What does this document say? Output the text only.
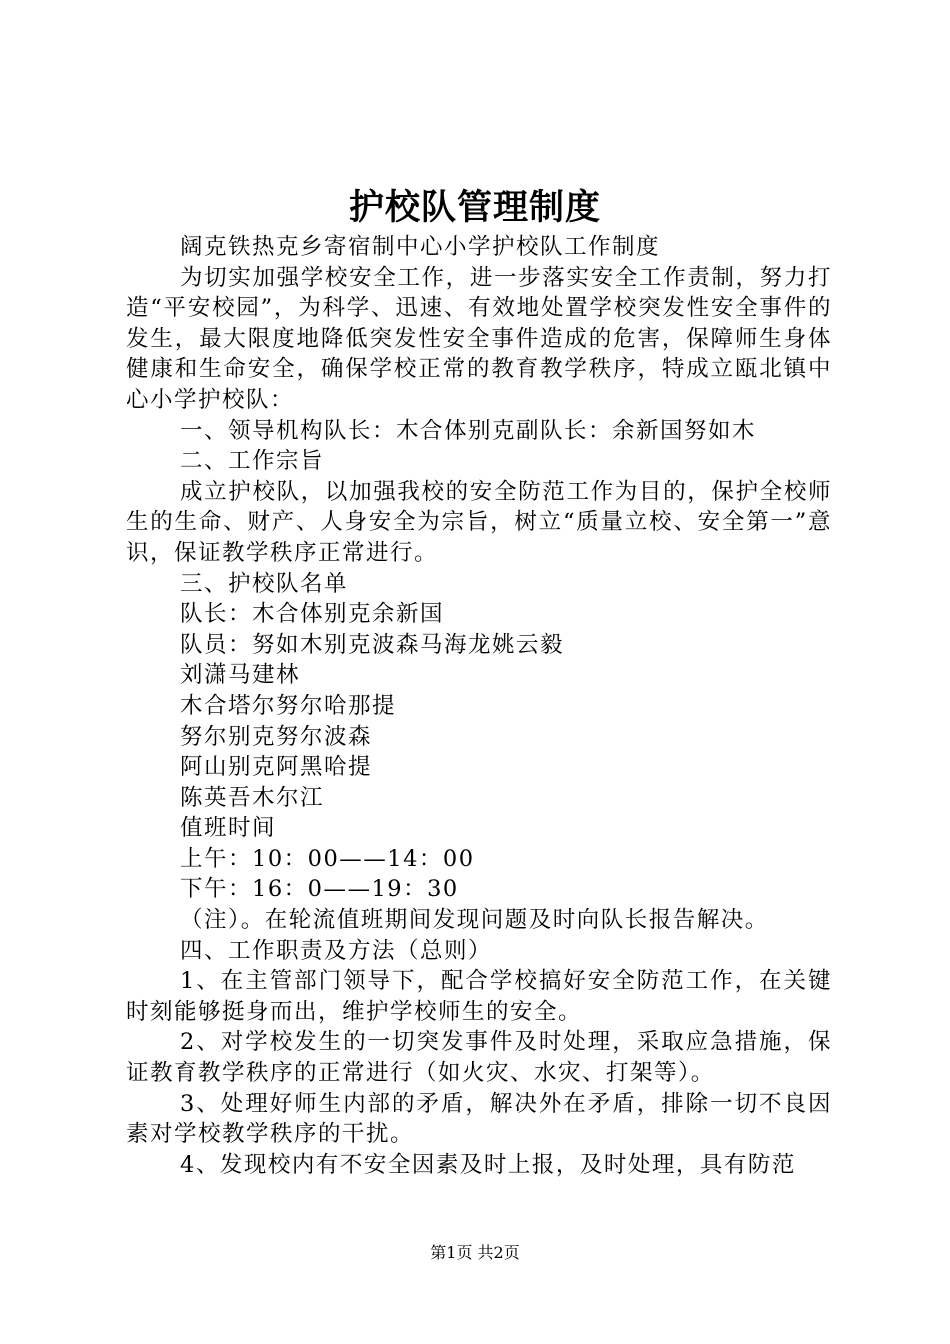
护校队管理制度

阔克铁热克乡寄宿制中心小学护校队工作制度

为切实加强学校安全工作，进一步落实安全工作责制，努力打造“平安校园”，为科学、迅速、有效地处置学校突发性安全事件的发生，最大限度地降低突发性安全事件造成的危害，保障师生身体健康和生命安全，确保学校正常的教育教学秩序，特成立瓯北镇中心小学护校队：

一、领导机构队长：木合体别克副队长：余新国努如木

二、工作宗旨

成立护校队，以加强我校的安全防范工作为目的，保护全校师生的生命、财产、人身安全为宗旨，树立“质量立校、安全第一”意识，保证教学秩序正常进行。

三、护校队名单

队长：木合体别克余新国

队员：努如木别克波森马海龙姚云毅

刘潇马建林

木合塔尔努尔哈那提

努尔别克努尔波森

阿山别克阿黑哈提

陈英吾木尔江

值班时间

上午：10：00——14：00

下午：16：0——19：30

（注）。在轮流值班期间发现问题及时向队长报告解决。

四、工作职责及方法（总则）

1、在主管部门领导下，配合学校搞好安全防范工作，在关键时刻能够挺身而出，维护学校师生的安全。

2、对学校发生的一切突发事件及时处理，采取应急措施，保证教育教学秩序的正常进行（如火灾、水灾、打架等）。

3、处理好师生内部的矛盾，解决外在矛盾，排除一切不良因素对学校教学秩序的干扰。

4、发现校内有不安全因素及时上报，及时处理，具有防范

第1页 共2页
